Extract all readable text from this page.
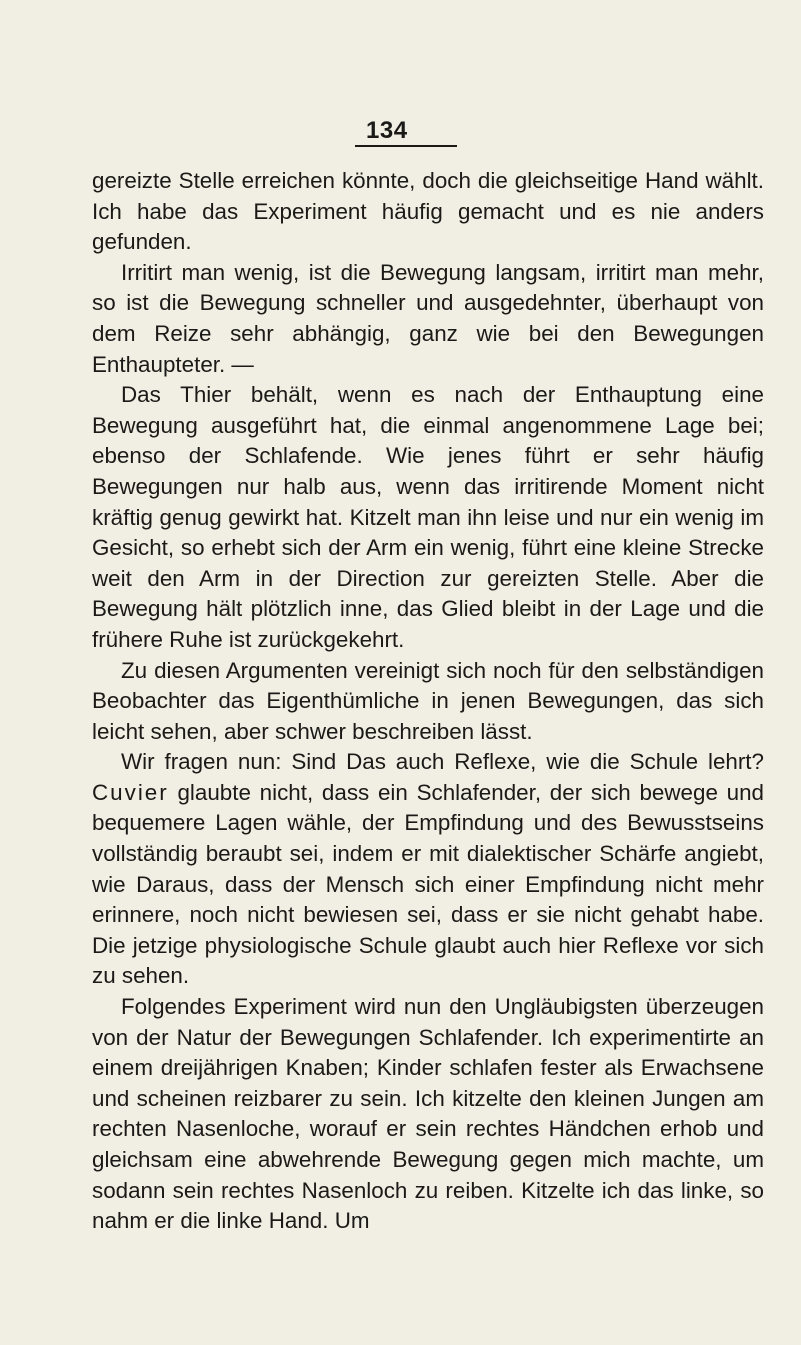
134

gereizte Stelle erreichen könnte, doch die gleichseitige Hand wählt. Ich habe das Experiment häufig gemacht und es nie anders gefunden.

Irritirt man wenig, ist die Bewegung langsam, irritirt man mehr, so ist die Bewegung schneller und ausgedehnter, überhaupt von dem Reize sehr abhängig, ganz wie bei den Bewegungen Enthaupteter. —

Das Thier behält, wenn es nach der Enthauptung eine Bewegung ausgeführt hat, die einmal angenommene Lage bei; ebenso der Schlafende. Wie jenes führt er sehr häufig Bewegungen nur halb aus, wenn das irritirende Moment nicht kräftig genug gewirkt hat. Kitzelt man ihn leise und nur ein wenig im Gesicht, so erhebt sich der Arm ein wenig, führt eine kleine Strecke weit den Arm in der Direction zur gereizten Stelle. Aber die Bewegung hält plötzlich inne, das Glied bleibt in der Lage und die frühere Ruhe ist zurückgekehrt.

Zu diesen Argumenten vereinigt sich noch für den selbständigen Beobachter das Eigenthümliche in jenen Bewegungen, das sich leicht sehen, aber schwer beschreiben lässt.

Wir fragen nun: Sind Das auch Reflexe, wie die Schule lehrt? Cuvier glaubte nicht, dass ein Schlafender, der sich bewege und bequemere Lagen wähle, der Empfindung und des Bewusstseins vollständig beraubt sei, indem er mit dialektischer Schärfe angiebt, wie Daraus, dass der Mensch sich einer Empfindung nicht mehr erinnere, noch nicht bewiesen sei, dass er sie nicht gehabt habe. Die jetzige physiologische Schule glaubt auch hier Reflexe vor sich zu sehen.

Folgendes Experiment wird nun den Ungläubigsten überzeugen von der Natur der Bewegungen Schlafender. Ich experimentirte an einem dreijährigen Knaben; Kinder schlafen fester als Erwachsene und scheinen reizbarer zu sein. Ich kitzelte den kleinen Jungen am rechten Nasenloche, worauf er sein rechtes Händchen erhob und gleichsam eine abwehrende Bewegung gegen mich machte, um sodann sein rechtes Nasenloch zu reiben. Kitzelte ich das linke, so nahm er die linke Hand. Um
